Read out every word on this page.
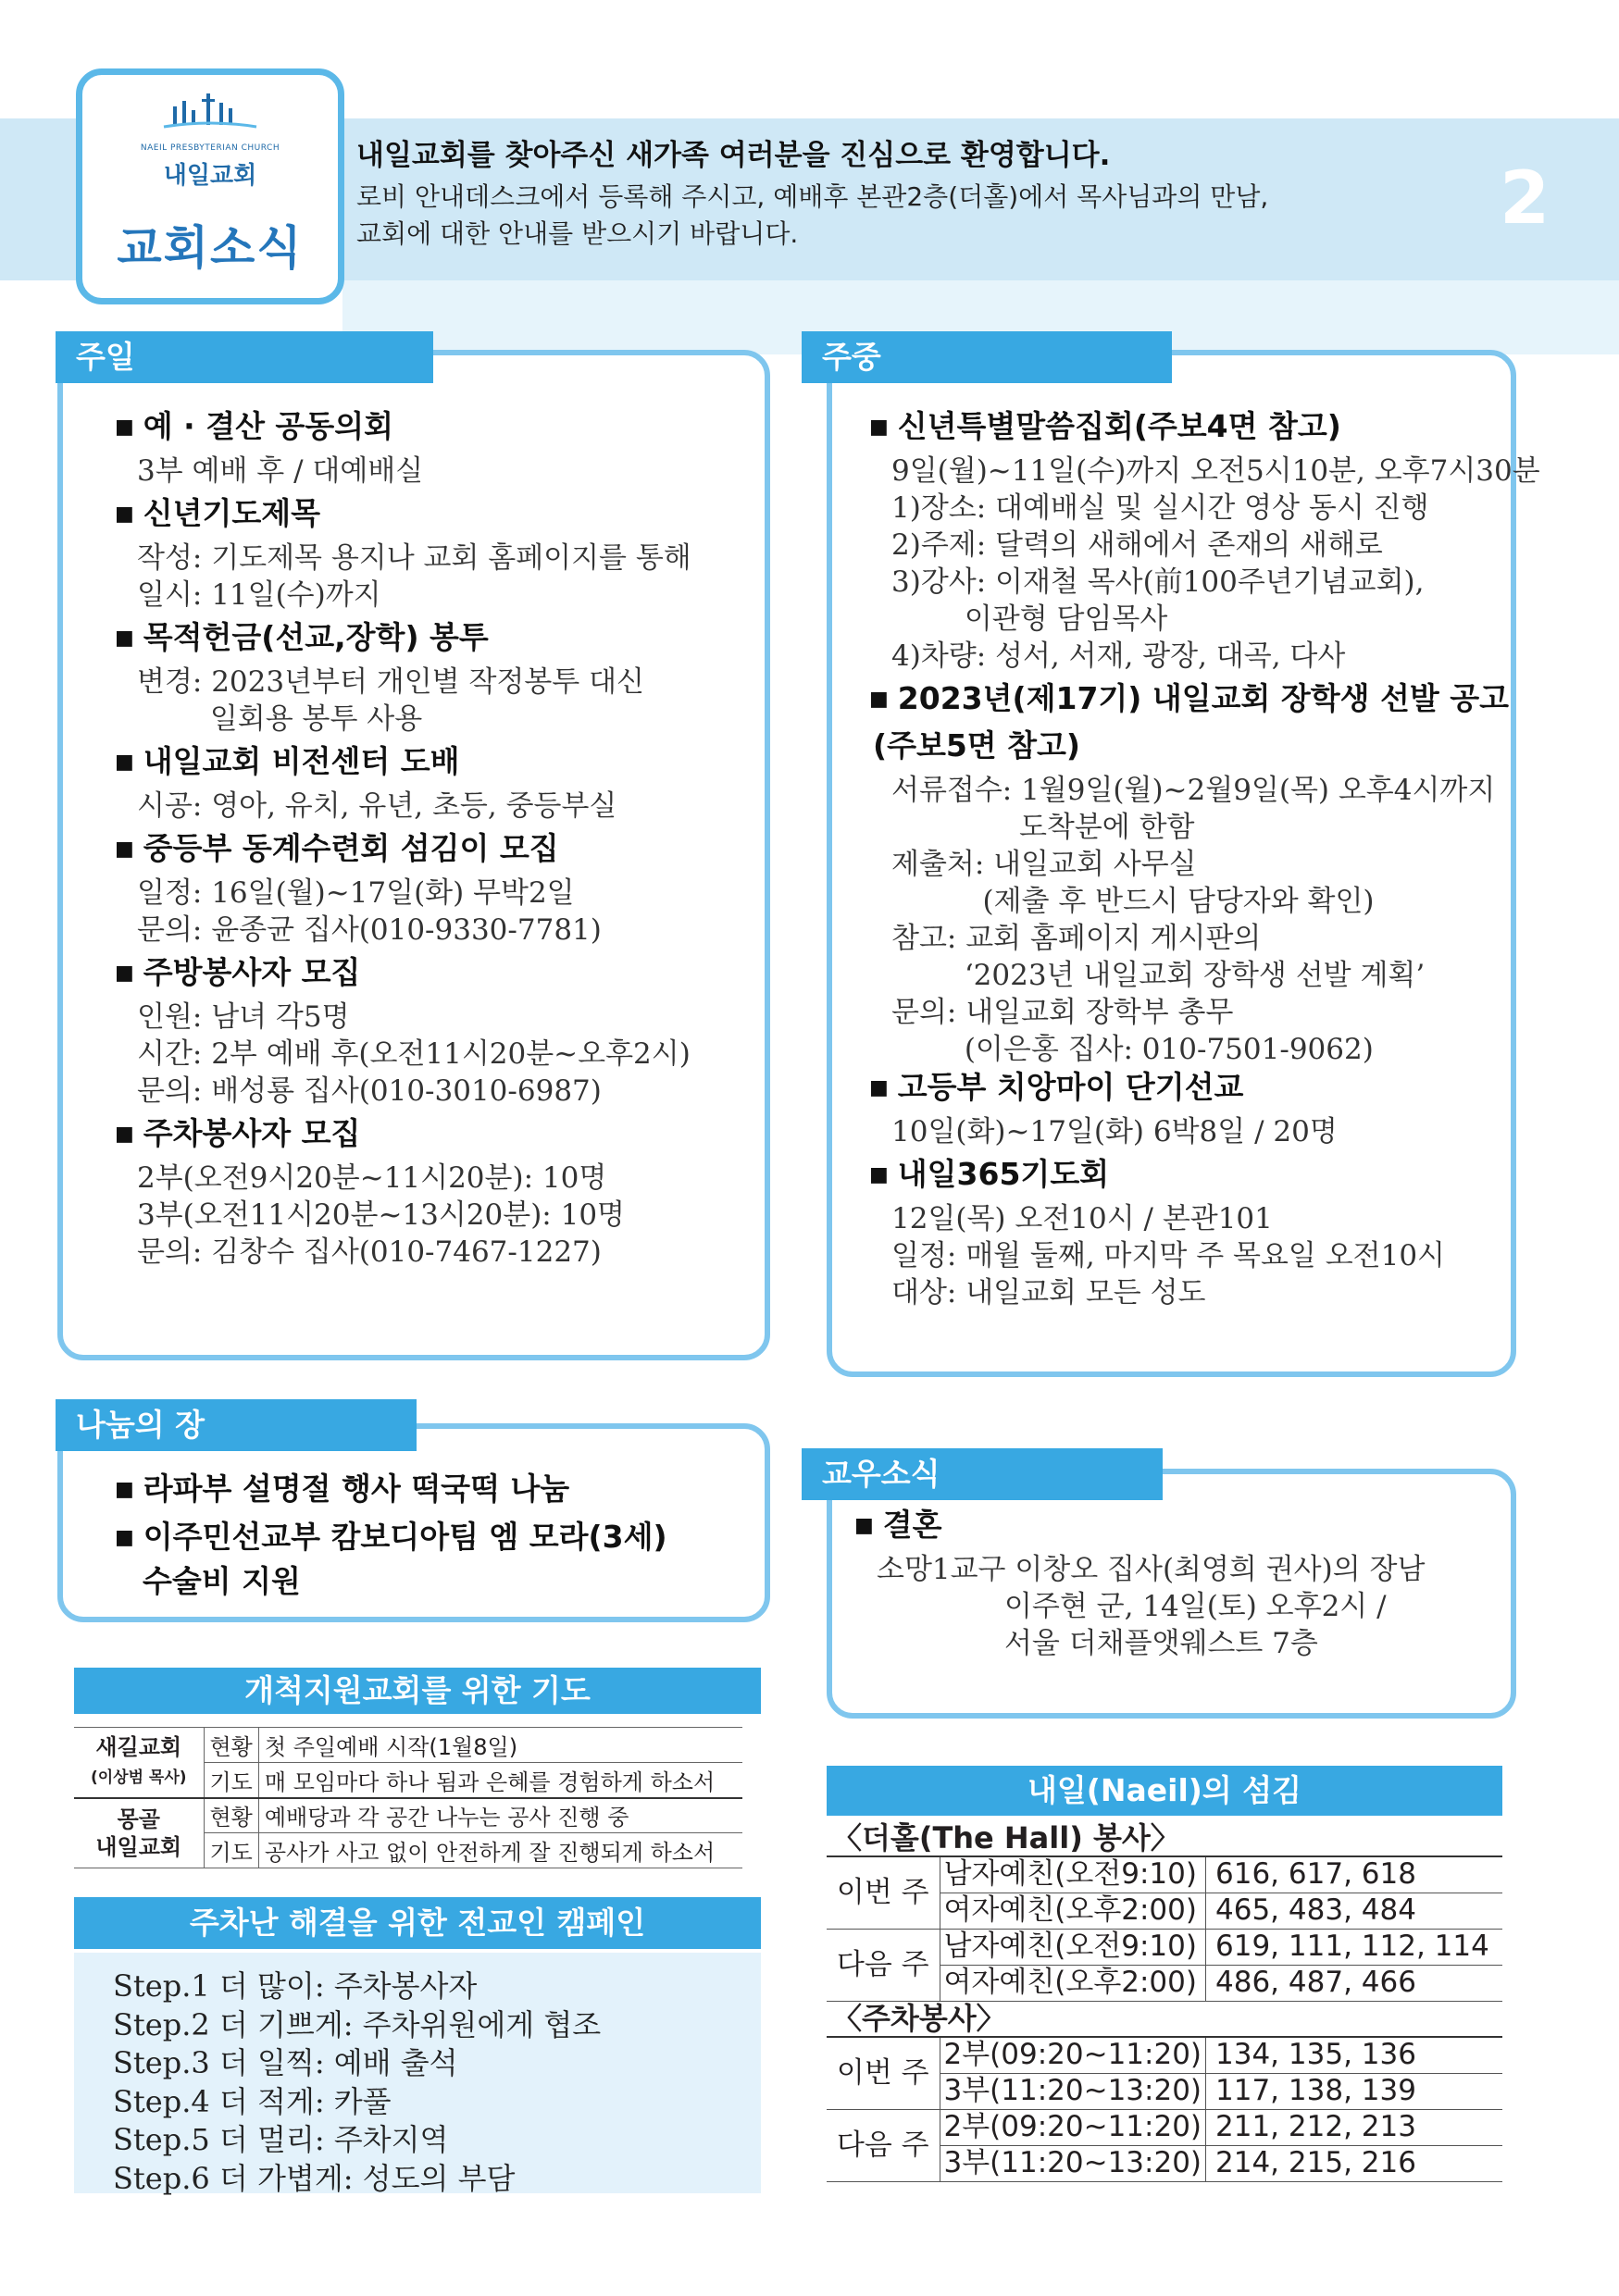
NAEIL PRESBYTERIAN CHURCH
내일교회
교회소식
내일교회를 찾아주신 새가족 여러분을 진심으로 환영합니다.
로비 안내데스크에서 등록해 주시고, 예배후 본관2층(더홀)에서 목사님과의 만남,
교회에 대한 안내를 받으시기 바랍니다.	2
■ 예 · 결산 공동의회
3부 예배 후 / 대예배실
■ 신년기도제목
작성: 기도제목 용지나 교회 홈페이지를 통해
일시: 11일(수)까지
■ 목적헌금(선교,장학) 봉투
변경: 2023년부터 개인별 작정봉투 대신
일회용 봉투 사용
■ 내일교회 비전센터 도배
시공: 영아, 유치, 유년, 초등, 중등부실
■ 중등부 동계수련회 섬김이 모집
일정: 16일(월)~17일(화) 무박2일
문의: 윤종균 집사(010-9330-7781)
■ 주방봉사자 모집
인원: 남녀 각5명
시간: 2부 예배 후(오전11시20분~오후2시)
문의: 배성룡 집사(010-3010-6987)
■ 주차봉사자 모집
2부(오전9시20분~11시20분): 10명
3부(오전11시20분~13시20분): 10명
문의: 김창수 집사(010-7467-1227)
주일
■ 신년특별말씀집회(주보4면 참고)
9일(월)~11일(수)까지 오전5시10분, 오후7시30분
1)장소: 대예배실 및 실시간 영상 동시 진행
2)주제: 달력의 새해에서 존재의 새해로
3)강사: 이재철 목사(前100주년기념교회),
이관형 담임목사
4)차량: 성서, 서재, 광장, 대곡, 다사
■ 2023년(제17기) 내일교회 장학생 선발 공고
(주보5면 참고)
서류접수: 1월9일(월)~2월9일(목) 오후4시까지
도착분에 한함
제출처: 내일교회 사무실
(제출 후 반드시 담당자와 확인)
참고: 교회 홈페이지 게시판의
‘2023년 내일교회 장학생 선발 계획’
문의: 내일교회 장학부 총무
(이은홍 집사: 010-7501-9062)
■ 고등부 치앙마이 단기선교
10일(화)~17일(화) 6박8일 / 20명
■ 내일365기도회
12일(목) 오전10시 / 본관101
일정: 매월 둘째, 마지막 주 목요일 오전10시
대상: 내일교회 모든 성도
주중
■ 라파부 설명절 행사 떡국떡 나눔
■ 이주민선교부 캄보디아팀 엠 모라(3세)
수술비 지원
나눔의 장
■ 결혼
소망1교구 이창오 집사(최영희 권사)의 장남
이주현 군, 14일(토) 오후2시 /
서울 더채플앳웨스트 7층
교우소식
개척지원교회를 위한 기도
새길교회
(이상범 목사)	현황	첫 주일예배 시작(1월8일)
	기도	매 모임마다 하나 됨과 은혜를 경험하게 하소서
몽골
내일교회	현황	예배당과 각 공간 나누는 공사 진행 중
	기도	공사가 사고 없이 안전하게 잘 진행되게 하소서
주차난 해결을 위한 전교인 캠페인
Step.1 더 많이: 주차봉사자
Step.2 더 기쁘게: 주차위원에게 협조
Step.3 더 일찍: 예배 출석
Step.4 더 적게: 카풀
Step.5 더 멀리: 주차지역
Step.6 더 가볍게: 성도의 부담
내일(Naeil)의 섬김
〈더홀(The Hall) 봉사〉		
이번 주	남자예친(오전9:10)	616, 617, 618
	여자예친(오후2:00)	465, 483, 484
다음 주	남자예친(오전9:10)	619, 111, 112, 114
	여자예친(오후2:00)	486, 487, 466
〈주차봉사〉		
이번 주	2부(09:20~11:20)	134, 135, 136
	3부(11:20~13:20)	117, 138, 139
다음 주	2부(09:20~11:20)	211, 212, 213
	3부(11:20~13:20)	214, 215, 216
